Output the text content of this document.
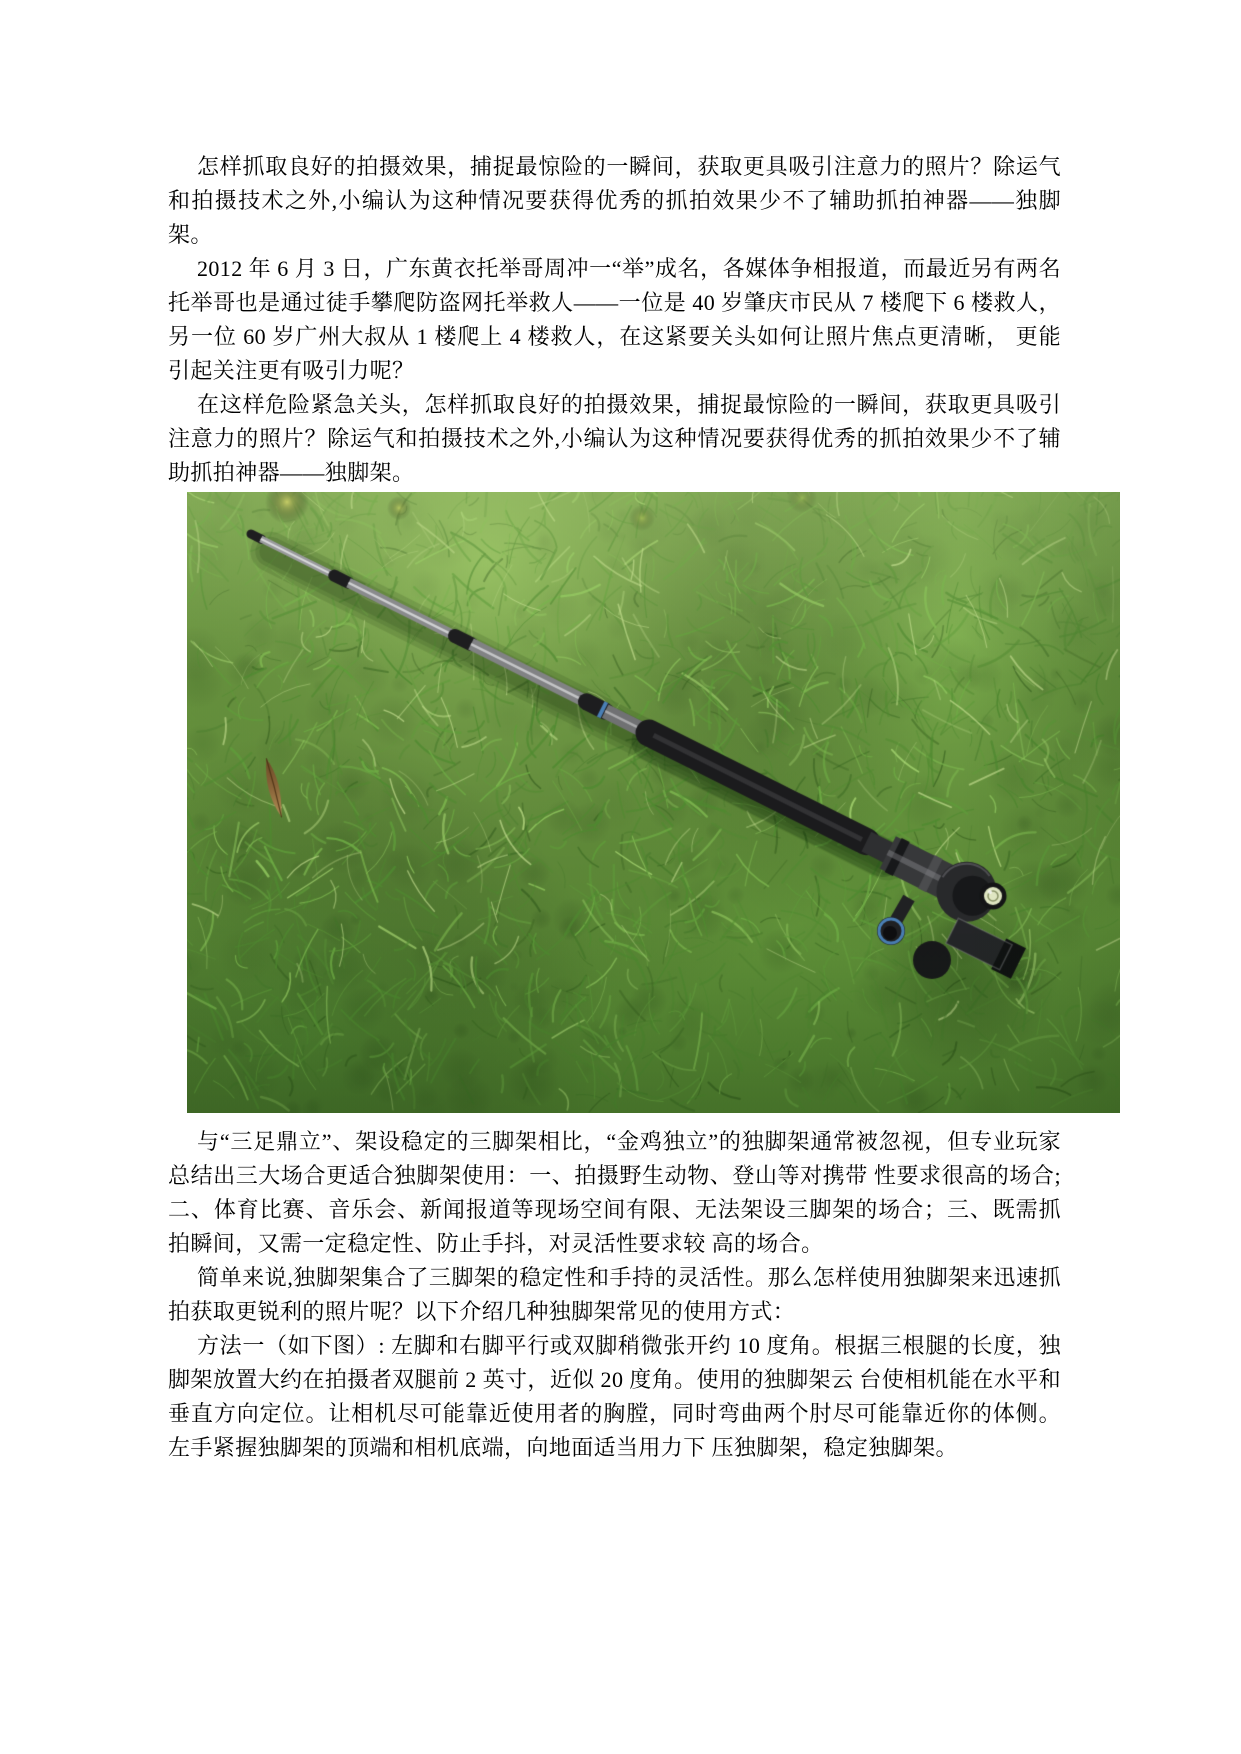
怎样抓取良好的拍摄效果，捕捉最惊险的一瞬间，获取更具吸引注意力的照片？除运气和拍摄技术之外,小编认为这种情况要获得优秀的抓拍效果少不了辅助抓拍神器——独脚架。

2012 年 6 月 3 日，广东黄衣托举哥周冲一“举”成名，各媒体争相报道，而最近另有两名托举哥也是通过徒手攀爬防盗网托举救人——一位是 40 岁肇庆市民从 7 楼爬下 6 楼救人， 另一位 60 岁广州大叔从 1 楼爬上 4 楼救人，在这紧要关头如何让照片焦点更清晰， 更能引起关注更有吸引力呢？

在这样危险紧急关头，怎样抓取良好的拍摄效果，捕捉最惊险的一瞬间，获取更具吸引注意力的照片？除运气和拍摄技术之外,小编认为这种情况要获得优秀的抓拍效果少不了辅助抓拍神器——独脚架。

与“三足鼎立”、架设稳定的三脚架相比，“金鸡独立”的独脚架通常被忽视，但专业玩家总结出三大场合更适合独脚架使用：一、拍摄野生动物、登山等对携带 性要求很高的场合; 二、体育比赛、音乐会、新闻报道等现场空间有限、无法架设三脚架的场合；三、既需抓拍瞬间，又需一定稳定性、防止手抖，对灵活性要求较 高的场合。

简单来说,独脚架集合了三脚架的稳定性和手持的灵活性。那么怎样使用独脚架来迅速抓拍获取更锐利的照片呢？以下介绍几种独脚架常见的使用方式：

方法一（如下图）: 左脚和右脚平行或双脚稍微张开约 10 度角。根据三根腿的长度，独脚架放置大约在拍摄者双腿前 2 英寸，近似 20 度角。使用的独脚架云 台使相机能在水平和垂直方向定位。让相机尽可能靠近使用者的胸膛，同时弯曲两个肘尽可能靠近你的体侧。左手紧握独脚架的顶端和相机底端，向地面适当用力下 压独脚架，稳定独脚架。
